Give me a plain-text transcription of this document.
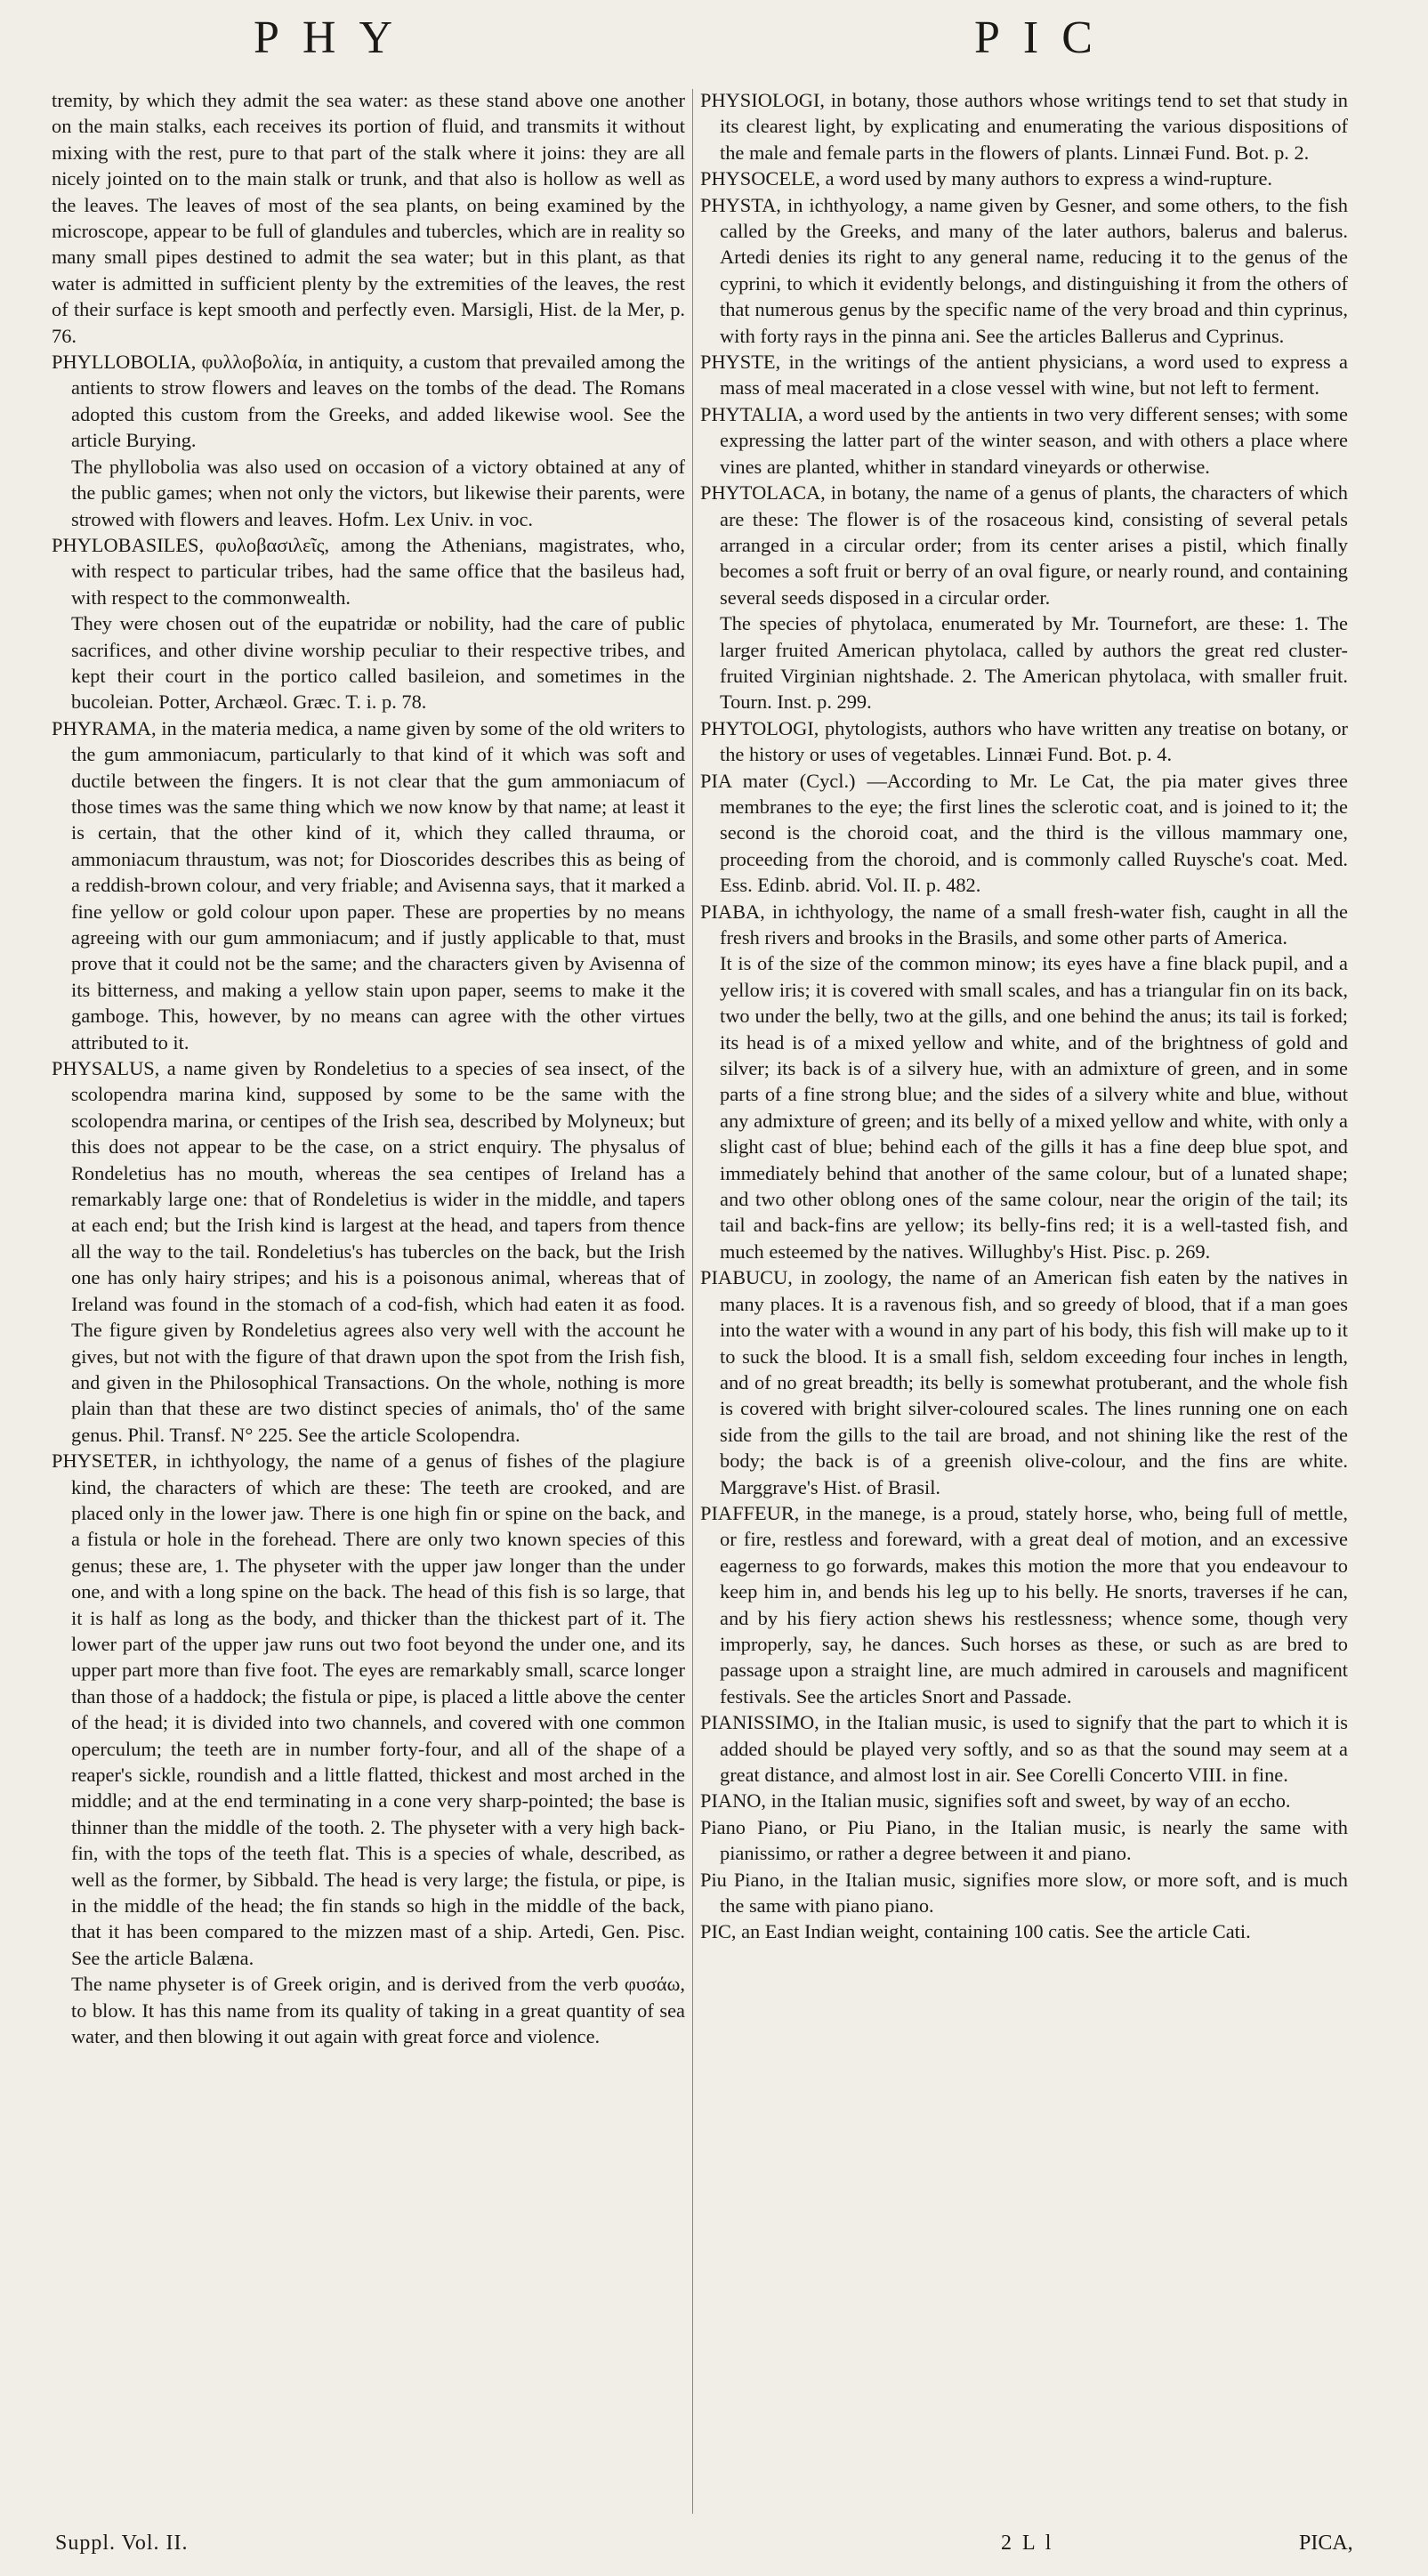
PHY	PIC

tremity, by which they admit the sea water: as these stand above one another on the main stalks, each receives its portion of fluid, and transmits it without mixing with the rest, pure to that part of the stalk where it joins: they are all nicely jointed on to the main stalk or trunk, and that also is hollow as well as the leaves. The leaves of most of the sea plants, on being examined by the microscope, appear to be full of glandules and tubercles, which are in reality so many small pipes destined to admit the sea water; but in this plant, as that water is admitted in sufficient plenty by the extremities of the leaves, the rest of their surface is kept smooth and perfectly even. Marsigli, Hist. de la Mer, p. 76.

PHYLLOBOLIA, φυλλοβολία, in antiquity, a custom that prevailed among the antients to strow flowers and leaves on the tombs of the dead. The Romans adopted this custom from the Greeks, and added likewise wool. See the article Burying.

The phyllobolia was also used on occasion of a victory obtained at any of the public games; when not only the victors, but likewise their parents, were strowed with flowers and leaves. Hofm. Lex Univ. in voc.

PHYLOBASILES, φυλοβασιλεῖς, among the Athenians, magistrates, who, with respect to particular tribes, had the same office that the basileus had, with respect to the commonwealth.

They were chosen out of the eupatridæ or nobility, had the care of public sacrifices, and other divine worship peculiar to their respective tribes, and kept their court in the portico called basileion, and sometimes in the bucoleian. Potter, Archæol. Græc. T. i. p. 78.

PHYRAMA, in the materia medica, a name given by some of the old writers to the gum ammoniacum, particularly to that kind of it which was soft and ductile between the fingers. It is not clear that the gum ammoniacum of those times was the same thing which we now know by that name; at least it is certain, that the other kind of it, which they called thrauma, or ammoniacum thraustum, was not; for Dioscorides describes this as being of a reddish-brown colour, and very friable; and Avisenna says, that it marked a fine yellow or gold colour upon paper. These are properties by no means agreeing with our gum ammoniacum; and if justly applicable to that, must prove that it could not be the same; and the characters given by Avisenna of its bitterness, and making a yellow stain upon paper, seems to make it the gamboge. This, however, by no means can agree with the other virtues attributed to it.

PHYSALUS, a name given by Rondeletius to a species of sea insect, of the scolopendra marina kind, supposed by some to be the same with the scolopendra marina, or centipes of the Irish sea, described by Molyneux; but this does not appear to be the case, on a strict enquiry. The physalus of Rondeletius has no mouth, whereas the sea centipes of Ireland has a remarkably large one: that of Rondeletius is wider in the middle, and tapers at each end; but the Irish kind is largest at the head, and tapers from thence all the way to the tail. Rondeletius's has tubercles on the back, but the Irish one has only hairy stripes; and his is a poisonous animal, whereas that of Ireland was found in the stomach of a cod-fish, which had eaten it as food. The figure given by Rondeletius agrees also very well with the account he gives, but not with the figure of that drawn upon the spot from the Irish fish, and given in the Philosophical Transactions. On the whole, nothing is more plain than that these are two distinct species of animals, tho' of the same genus. Phil. Transf. N° 225. See the article Scolopendra.

PHYSETER, in ichthyology, the name of a genus of fishes of the plagiure kind, the characters of which are these: The teeth are crooked, and are placed only in the lower jaw. There is one high fin or spine on the back, and a fistula or hole in the forehead. There are only two known species of this genus; these are, 1. The physeter with the upper jaw longer than the under one, and with a long spine on the back. The head of this fish is so large, that it is half as long as the body, and thicker than the thickest part of it. The lower part of the upper jaw runs out two foot beyond the under one, and its upper part more than five foot. The eyes are remarkably small, scarce longer than those of a haddock; the fistula or pipe, is placed a little above the center of the head; it is divided into two channels, and covered with one common operculum; the teeth are in number forty-four, and all of the shape of a reaper's sickle, roundish and a little flatted, thickest and most arched in the middle; and at the end terminating in a cone very sharp-pointed; the base is thinner than the middle of the tooth. 2. The physeter with a very high back-fin, with the tops of the teeth flat. This is a species of whale, described, as well as the former, by Sibbald. The head is very large; the fistula, or pipe, is in the middle of the head; the fin stands so high in the middle of the back, that it has been compared to the mizzen mast of a ship. Artedi, Gen. Pisc. See the article Balæna.

The name physeter is of Greek origin, and is derived from the verb φυσάω, to blow. It has this name from its quality of taking in a great quantity of sea water, and then blowing it out again with great force and violence.

PHYSIOLOGI, in botany, those authors whose writings tend to set that study in its clearest light, by explicating and enumerating the various dispositions of the male and female parts in the flowers of plants. Linnæi Fund. Bot. p. 2.

PHYSOCELE, a word used by many authors to express a wind-rupture.

PHYSTA, in ichthyology, a name given by Gesner, and some others, to the fish called by the Greeks, and many of the later authors, balerus and balerus. Artedi denies its right to any general name, reducing it to the genus of the cyprini, to which it evidently belongs, and distinguishing it from the others of that numerous genus by the specific name of the very broad and thin cyprinus, with forty rays in the pinna ani. See the articles Ballerus and Cyprinus.

PHYSTE, in the writings of the antient physicians, a word used to express a mass of meal macerated in a close vessel with wine, but not left to ferment.

PHYTALIA, a word used by the antients in two very different senses; with some expressing the latter part of the winter season, and with others a place where vines are planted, whither in standard vineyards or otherwise.

PHYTOLACA, in botany, the name of a genus of plants, the characters of which are these: The flower is of the rosaceous kind, consisting of several petals arranged in a circular order; from its center arises a pistil, which finally becomes a soft fruit or berry of an oval figure, or nearly round, and containing several seeds disposed in a circular order.

The species of phytolaca, enumerated by Mr. Tournefort, are these: 1. The larger fruited American phytolaca, called by authors the great red cluster-fruited Virginian nightshade. 2. The American phytolaca, with smaller fruit. Tourn. Inst. p. 299.

PHYTOLOGI, phytologists, authors who have written any treatise on botany, or the history or uses of vegetables. Linnæi Fund. Bot. p. 4.

PIA mater (Cycl.) —According to Mr. Le Cat, the pia mater gives three membranes to the eye; the first lines the sclerotic coat, and is joined to it; the second is the choroid coat, and the third is the villous mammary one, proceeding from the choroid, and is commonly called Ruysche's coat. Med. Ess. Edinb. abrid. Vol. II. p. 482.

PIABA, in ichthyology, the name of a small fresh-water fish, caught in all the fresh rivers and brooks in the Brasils, and some other parts of America.

It is of the size of the common minow; its eyes have a fine black pupil, and a yellow iris; it is covered with small scales, and has a triangular fin on its back, two under the belly, two at the gills, and one behind the anus; its tail is forked; its head is of a mixed yellow and white, and of the brightness of gold and silver; its back is of a silvery hue, with an admixture of green, and in some parts of a fine strong blue; and the sides of a silvery white and blue, without any admixture of green; and its belly of a mixed yellow and white, with only a slight cast of blue; behind each of the gills it has a fine deep blue spot, and immediately behind that another of the same colour, but of a lunated shape; and two other oblong ones of the same colour, near the origin of the tail; its tail and back-fins are yellow; its belly-fins red; it is a well-tasted fish, and much esteemed by the natives. Willughby's Hist. Pisc. p. 269.

PIABUCU, in zoology, the name of an American fish eaten by the natives in many places. It is a ravenous fish, and so greedy of blood, that if a man goes into the water with a wound in any part of his body, this fish will make up to it to suck the blood. It is a small fish, seldom exceeding four inches in length, and of no great breadth; its belly is somewhat protuberant, and the whole fish is covered with bright silver-coloured scales. The lines running one on each side from the gills to the tail are broad, and not shining like the rest of the body; the back is of a greenish olive-colour, and the fins are white. Marggrave's Hist. of Brasil.

PIAFFEUR, in the manege, is a proud, stately horse, who, being full of mettle, or fire, restless and foreward, with a great deal of motion, and an excessive eagerness to go forwards, makes this motion the more that you endeavour to keep him in, and bends his leg up to his belly. He snorts, traverses if he can, and by his fiery action shews his restlessness; whence some, though very improperly, say, he dances. Such horses as these, or such as are bred to passage upon a straight line, are much admired in carousels and magnificent festivals. See the articles Snort and Passade.

PIANISSIMO, in the Italian music, is used to signify that the part to which it is added should be played very softly, and so as that the sound may seem at a great distance, and almost lost in air. See Corelli Concerto VIII. in fine.

PIANO, in the Italian music, signifies soft and sweet, by way of an eccho.

Piano Piano, or Piu Piano, in the Italian music, is nearly the same with pianissimo, or rather a degree between it and piano.

Piu Piano, in the Italian music, signifies more slow, or more soft, and is much the same with piano piano.

PIC, an East Indian weight, containing 100 catis. See the article Cati.

Suppl. Vol. II.	2 L l	PICA,
